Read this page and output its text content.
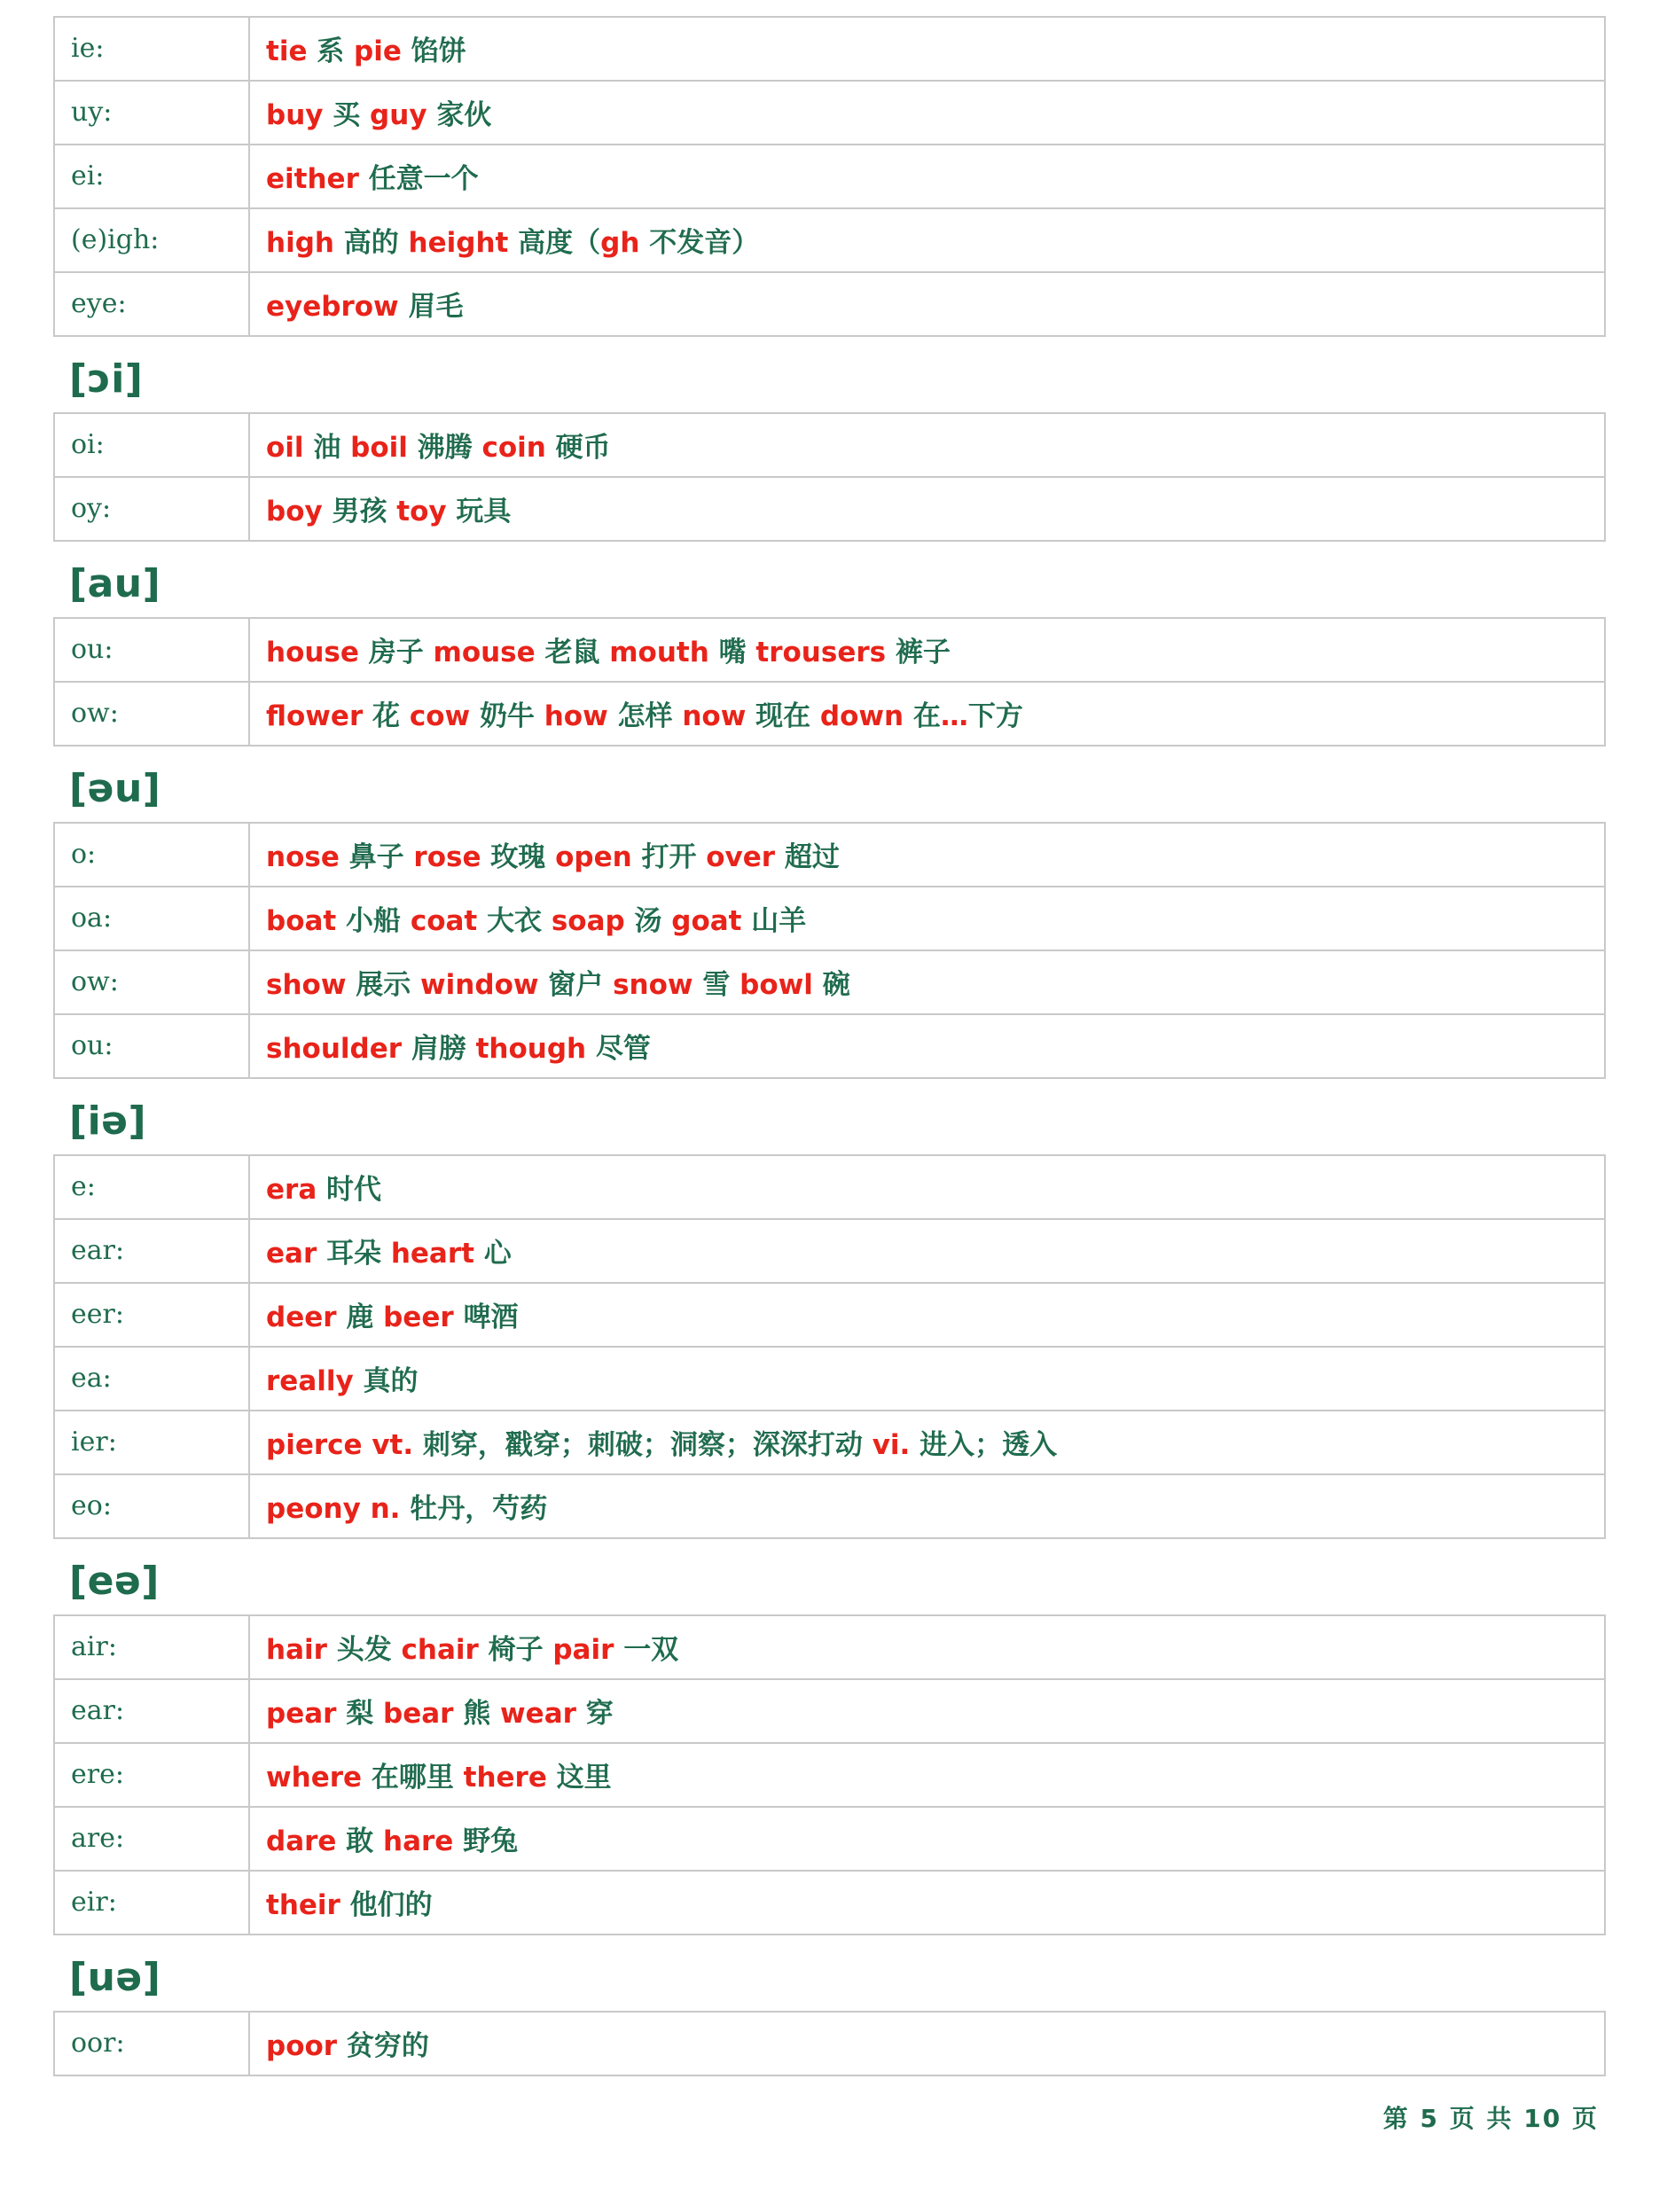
ie:	tie 系 pie 馅饼
uy:	buy 买 guy 家伙
ei:	either 任意一个
(e)igh:	high 高的 height 高度（gh 不发音）
eye:	eyebrow 眉毛
[ɔi]
oi:	oil 油 boil 沸腾 coin 硬币
oy:	boy 男孩 toy 玩具
[au]
ou:	house 房子 mouse 老鼠 mouth 嘴 trousers 裤子
ow:	flower 花 cow 奶牛 how 怎样 now 现在 down 在…下方
[əu]
o:	nose 鼻子 rose 玫瑰 open 打开 over 超过
oa:	boat 小船 coat 大衣 soap 汤 goat 山羊
ow:	show 展示 window 窗户 snow 雪 bowl 碗
ou:	shoulder 肩膀 though 尽管
[iə]
e:	era 时代
ear:	ear 耳朵 heart 心
eer:	deer 鹿 beer 啤酒
ea:	really 真的
ier:	pierce vt. 刺穿，戳穿；刺破；洞察；深深打动 vi. 进入；透入
eo:	peony n. 牡丹，芍药
[eə]
air:	hair 头发 chair 椅子 pair 一双
ear:	pear 梨 bear 熊 wear 穿
ere:	where 在哪里 there 这里
are:	dare 敢 hare 野兔
eir:	their 他们的
[uə]
oor:	poor 贫穷的
第 5 页 共 10 页
